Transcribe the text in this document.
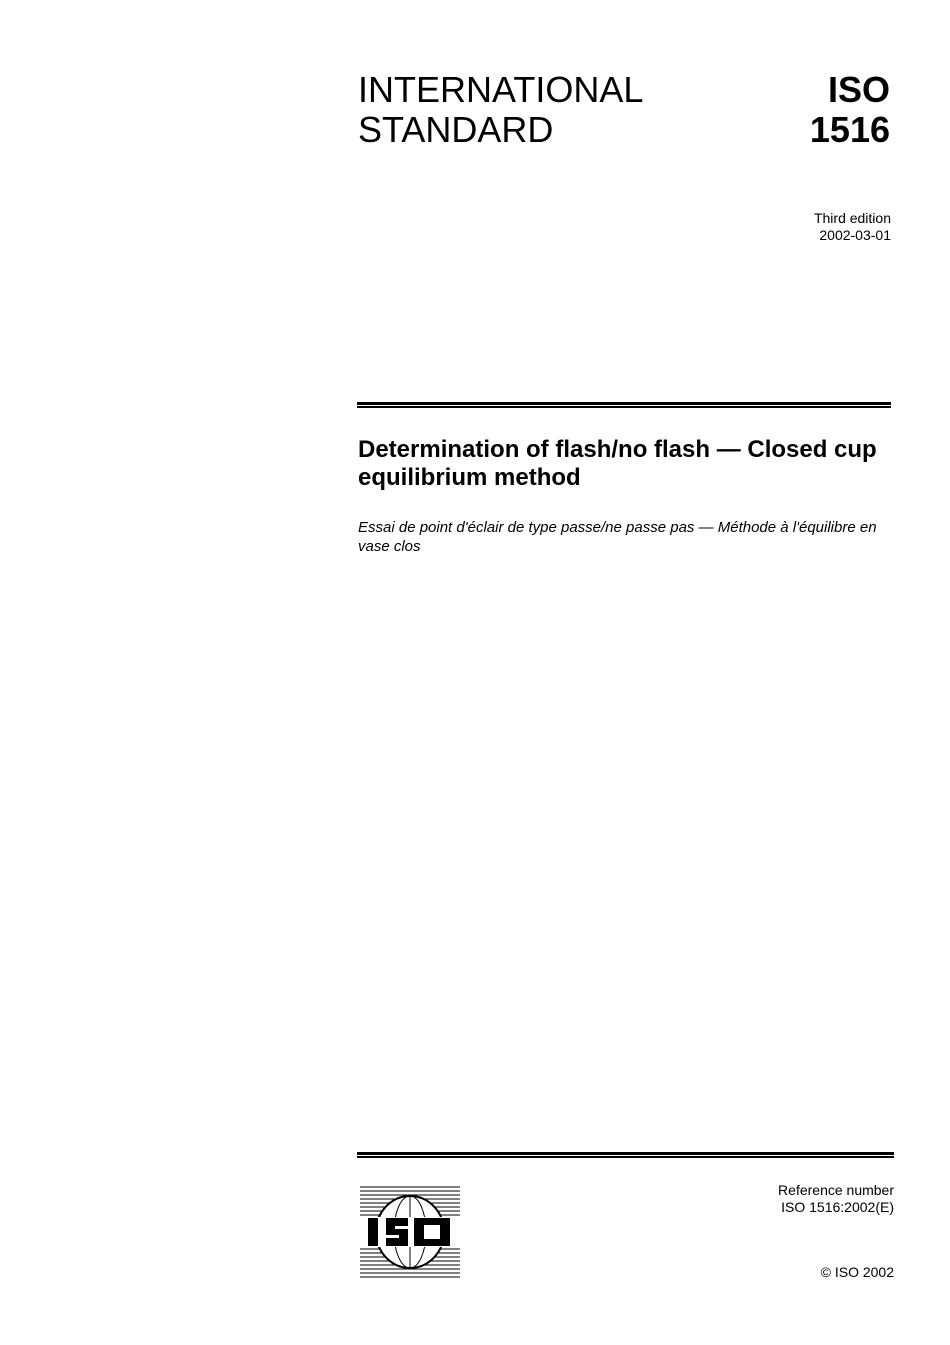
INTERNATIONAL
STANDARD
ISO
1516
Third edition
2002-03-01
Determination of flash/no flash — Closed cup equilibrium method
Essai de point d'éclair de type passe/ne passe pas — Méthode à l'équilibre en vase clos
Reference number
ISO 1516:2002(E)
© ISO 2002
